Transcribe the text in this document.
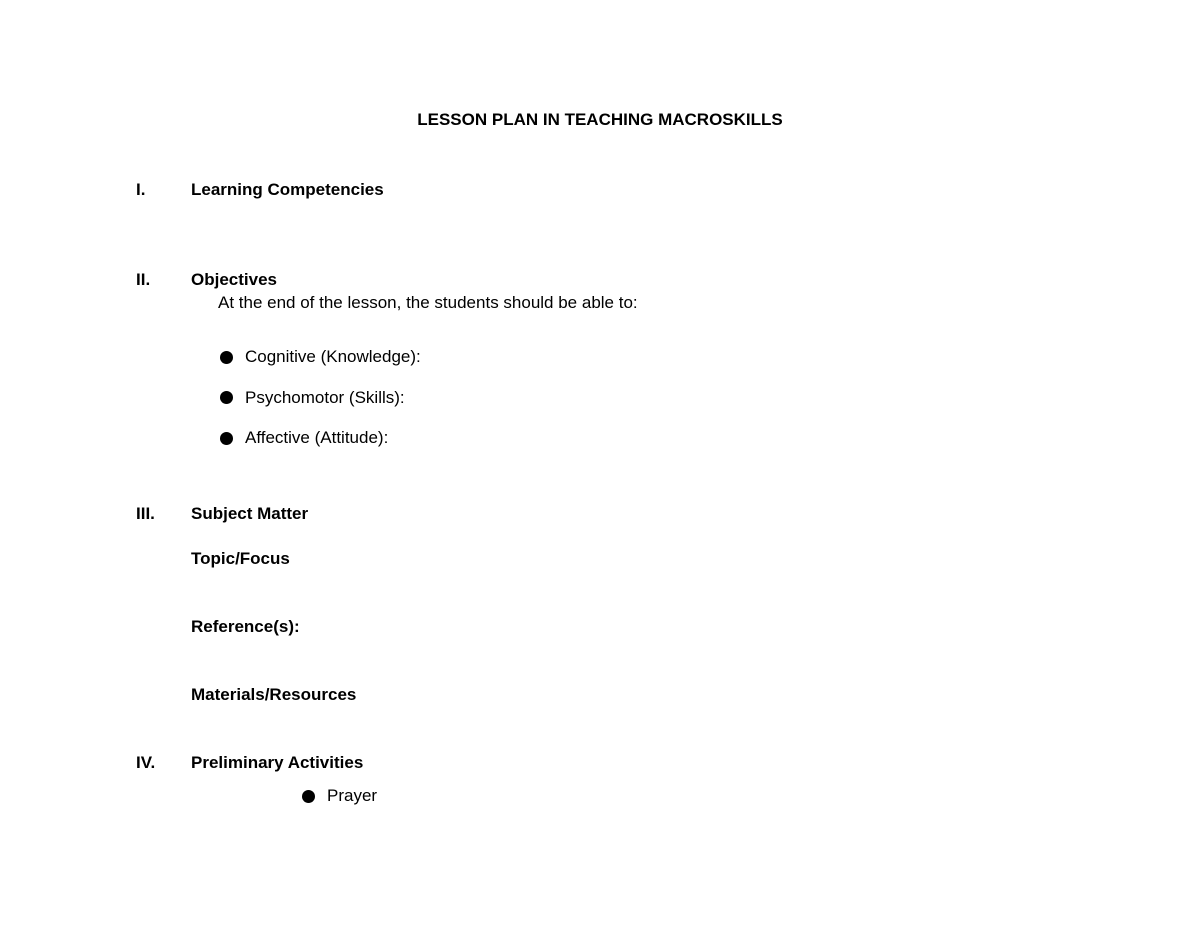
LESSON PLAN IN TEACHING MACROSKILLS
I.	Learning Competencies
II. Objectives
At the end of the lesson, the students should be able to:
Cognitive (Knowledge):
Psychomotor (Skills):
Affective (Attitude):
III. Subject Matter
Topic/Focus
Reference(s):
Materials/Resources
IV. Preliminary Activities
Prayer
